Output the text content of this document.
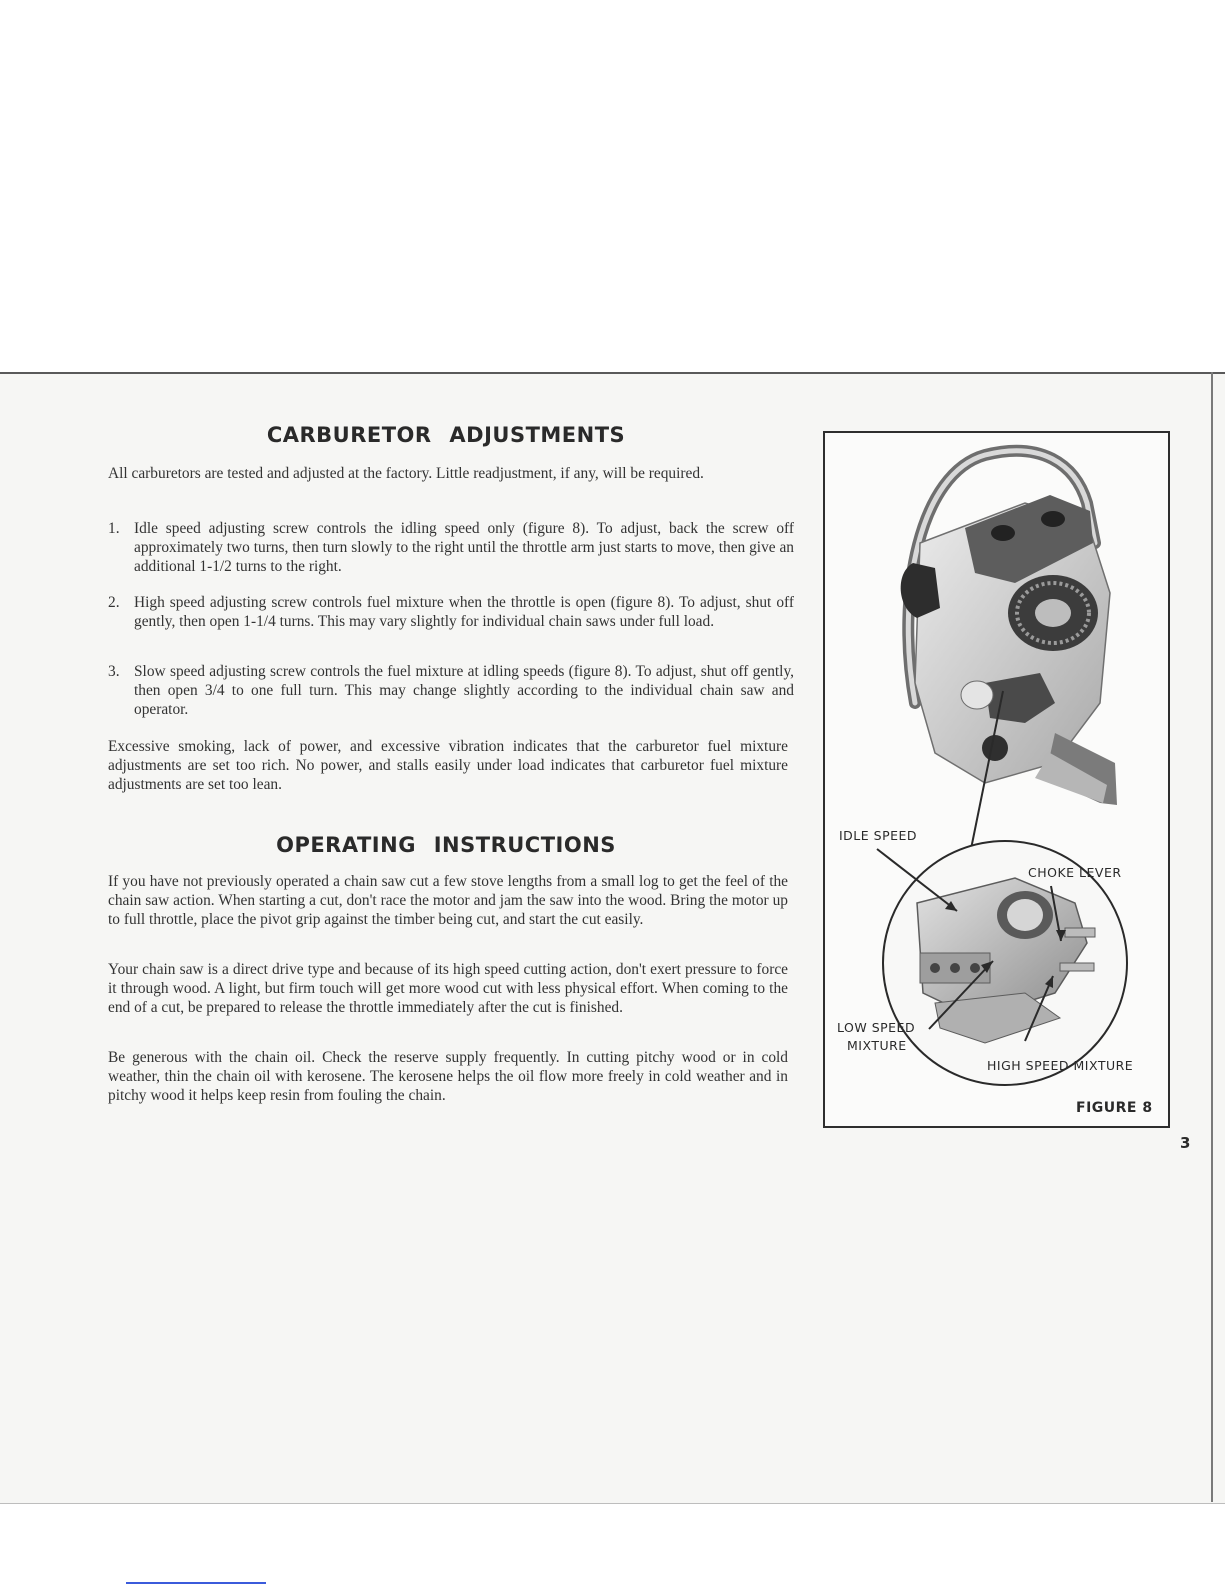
CARBURETOR ADJUSTMENTS
All carburetors are tested and adjusted at the factory. Little readjustment, if any, will be required.
1. Idle speed adjusting screw controls the idling speed only (figure 8). To adjust, back the screw off approximately two turns, then turn slowly to the right until the throttle arm just starts to move, then give an additional 1-1/2 turns to the right.
2. High speed adjusting screw controls fuel mixture when the throttle is open (figure 8). To adjust, shut off gently, then open 1-1/4 turns. This may vary slightly for individual chain saws under full load.
3. Slow speed adjusting screw controls the fuel mixture at idling speeds (figure 8). To adjust, shut off gently, then open 3/4 to one full turn. This may change slightly according to the individual chain saw and operator.
Excessive smoking, lack of power, and excessive vibration indicates that the carburetor fuel mixture adjustments are set too rich. No power, and stalls easily under load indicates that carburetor fuel mixture adjustments are set too lean.
OPERATING INSTRUCTIONS
If you have not previously operated a chain saw cut a few stove lengths from a small log to get the feel of the chain saw action. When starting a cut, don't race the motor and jam the saw into the wood. Bring the motor up to full throttle, place the pivot grip against the timber being cut, and start the cut easily.
Your chain saw is a direct drive type and because of its high speed cutting action, don't exert pressure to force it through wood. A light, but firm touch will get more wood cut with less physical effort. When coming to the end of a cut, be prepared to release the throttle immediately after the cut is finished.
Be generous with the chain oil. Check the reserve supply frequently. In cutting pitchy wood or in cold weather, thin the chain oil with kerosene. The kerosene helps the oil flow more freely in cold weather and in pitchy wood it helps keep resin from fouling the chain.
IDLE SPEED
CHOKE LEVER
LOW SPEED
MIXTURE
HIGH SPEED MIXTURE
FIGURE 8
3
